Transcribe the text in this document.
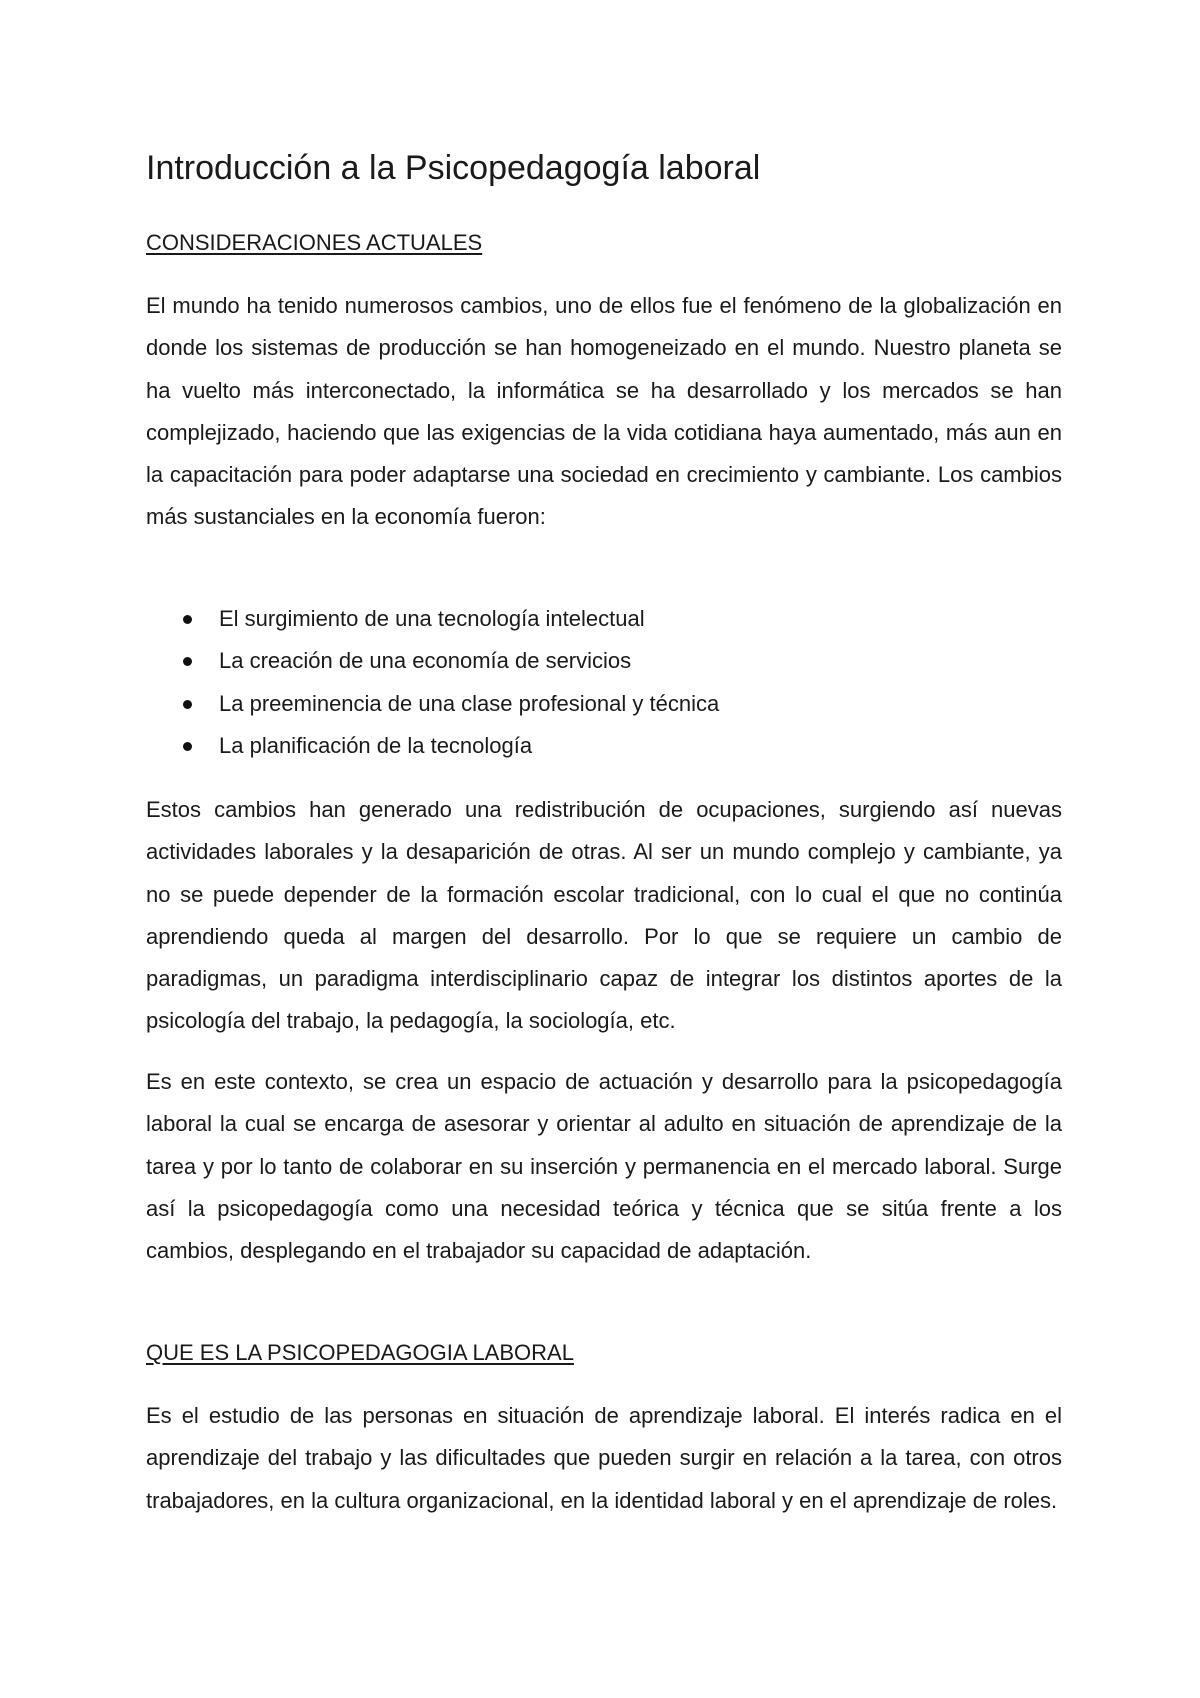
Introducción a la Psicopedagogía laboral
CONSIDERACIONES ACTUALES

El mundo ha tenido numerosos cambios, uno de ellos fue el fenómeno de la globalización en donde los sistemas de producción se han homogeneizado en el mundo. Nuestro planeta se ha vuelto más interconectado, la informática se ha desarrollado y los mercados se han complejizado, haciendo que las exigencias de la vida cotidiana haya aumentado, más aun en la capacitación para poder adaptarse una sociedad en crecimiento y cambiante. Los cambios más sustanciales en la economía fueron:

El surgimiento de una tecnología intelectual
La creación de una economía de servicios
La preeminencia de una clase profesional y técnica
La planificación de la tecnología

Estos cambios han generado una redistribución de ocupaciones, surgiendo así nuevas actividades laborales y la desaparición de otras. Al ser un mundo complejo y cambiante, ya no se puede depender de la formación escolar tradicional, con lo cual el que no continúa aprendiendo queda al margen del desarrollo. Por lo que se requiere un cambio de paradigmas, un paradigma interdisciplinario capaz de integrar los distintos aportes de la psicología del trabajo, la pedagogía, la sociología, etc.

Es en este contexto, se crea un espacio de actuación y desarrollo para la psicopedagogía laboral la cual se encarga de asesorar y orientar al adulto en situación de aprendizaje de la tarea y por lo tanto de colaborar en su inserción y permanencia en el mercado laboral. Surge así la psicopedagogía como una necesidad teórica y técnica que se sitúa frente a los cambios, desplegando en el trabajador su capacidad de adaptación.

QUE ES LA PSICOPEDAGOGIA LABORAL

Es el estudio de las personas en situación de aprendizaje laboral. El interés radica en el aprendizaje del trabajo y las dificultades que pueden surgir en relación a la tarea, con otros trabajadores, en la cultura organizacional, en la identidad laboral y en el aprendizaje de roles.
